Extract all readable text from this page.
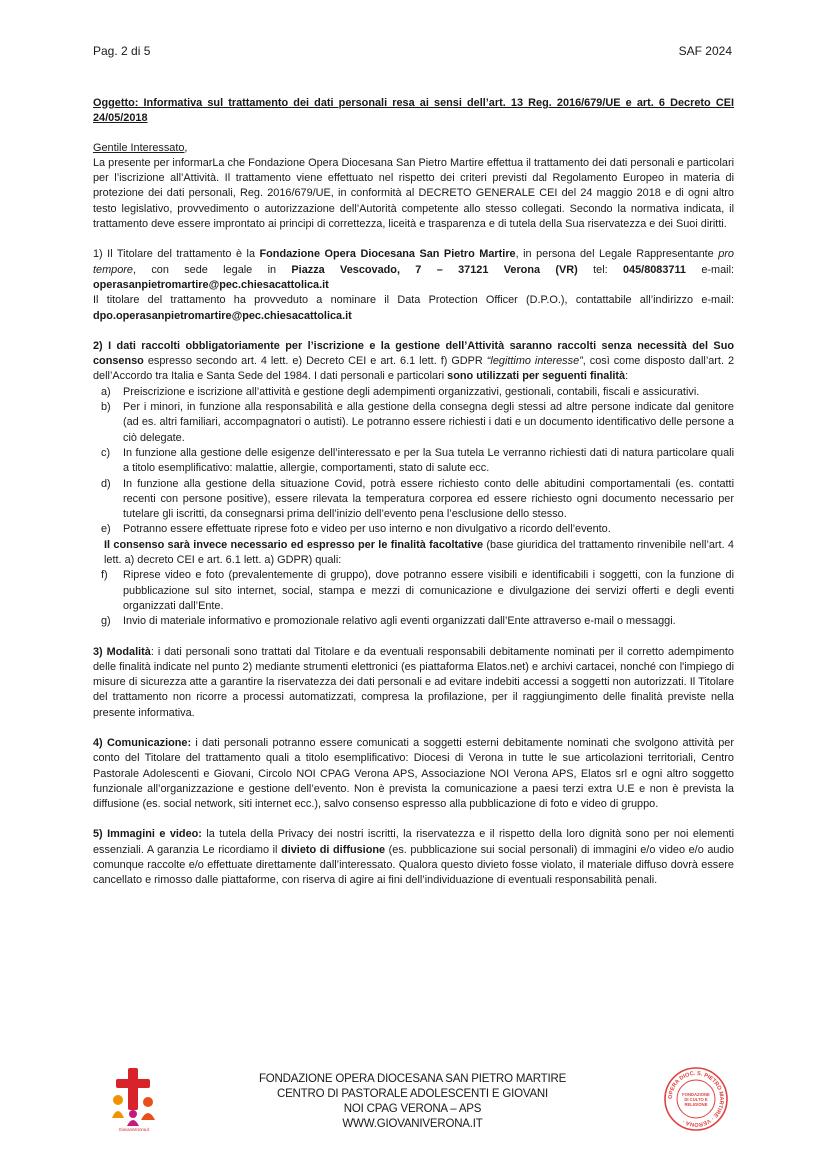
Pag. 2 di 5	SAF 2024

Oggetto: Informativa sul trattamento dei dati personali resa ai sensi dell’art. 13 Reg. 2016/679/UE e art. 6 Decreto CEI 24/05/2018

Gentile Interessato,

La presente per informarLa che Fondazione Opera Diocesana San Pietro Martire effettua il trattamento dei dati personali e particolari per l’iscrizione all’Attività. Il trattamento viene effettuato nel rispetto dei criteri previsti dal Regolamento Europeo in materia di protezione dei dati personali, Reg. 2016/679/UE, in conformità al DECRETO GENERALE CEI del 24 maggio 2018 e di ogni altro testo legislativo, provvedimento o autorizzazione dell’Autorità competente allo stesso collegati. Secondo la normativa indicata, il trattamento deve essere improntato ai principi di correttezza, liceità e trasparenza e di tutela della Sua riservatezza e dei Suoi diritti.

1) Il Titolare del trattamento è la Fondazione Opera Diocesana San Pietro Martire, in persona del Legale Rappresentante pro tempore, con sede legale in Piazza Vescovado, 7 – 37121 Verona (VR) tel: 045/8083711 e-mail: operasanpietromartire@pec.chiesacattolica.it

Il titolare del trattamento ha provveduto a nominare il Data Protection Officer (D.P.O.), contattabile all’indirizzo e-mail: dpo.operasanpietromartire@pec.chiesacattolica.it

2) I dati raccolti obbligatoriamente per l’iscrizione e la gestione dell’Attività saranno raccolti senza necessità del Suo consenso espresso secondo art. 4 lett. e) Decreto CEI e art. 6.1 lett. f) GDPR “legittimo interesse”, così come disposto dall’art. 2 dell’Accordo tra Italia e Santa Sede del 1984. I dati personali e particolari sono utilizzati per seguenti finalità:

a) Preiscrizione e iscrizione all’attività e gestione degli adempimenti organizzativi, gestionali, contabili, fiscali e assicurativi.
b) Per i minori, in funzione alla responsabilità e alla gestione della consegna degli stessi ad altre persone indicate dal genitore (ad es. altri familiari, accompagnatori o autisti). Le potranno essere richiesti i dati e un documento identificativo delle persone a ciò delegate.
c) In funzione alla gestione delle esigenze dell’interessato e per la Sua tutela Le verranno richiesti dati di natura particolare quali a titolo esemplificativo: malattie, allergie, comportamenti, stato di salute ecc.
d) In funzione alla gestione della situazione Covid, potrà essere richiesto conto delle abitudini comportamentali (es. contatti recenti con persone positive), essere rilevata la temperatura corporea ed essere richiesto ogni documento necessario per tutelare gli iscritti, da consegnarsi prima dell’inizio dell’evento pena l’esclusione dello stesso.
e) Potranno essere effettuate riprese foto e video per uso interno e non divulgativo a ricordo dell’evento.

Il consenso sarà invece necessario ed espresso per le finalità facoltative (base giuridica del trattamento rinvenibile nell’art. 4 lett. a) decreto CEI e art. 6.1 lett. a) GDPR) quali:

f) Riprese video e foto (prevalentemente di gruppo), dove potranno essere visibili e identificabili i soggetti, con la funzione di pubblicazione sul sito internet, social, stampa e mezzi di comunicazione e divulgazione dei servizi offerti e degli eventi organizzati dall’Ente.
g) Invio di materiale informativo e promozionale relativo agli eventi organizzati dall’Ente attraverso e-mail o messaggi.

3) Modalità: i dati personali sono trattati dal Titolare e da eventuali responsabili debitamente nominati per il corretto adempimento delle finalità indicate nel punto 2) mediante strumenti elettronici (es piattaforma Elatos.net) e archivi cartacei, nonché con l'impiego di misure di sicurezza atte a garantire la riservatezza dei dati personali e ad evitare indebiti accessi a soggetti non autorizzati. Il Titolare del trattamento non ricorre a processi automatizzati, compresa la profilazione, per il raggiungimento delle finalità previste nella presente informativa.

4) Comunicazione: i dati personali potranno essere comunicati a soggetti esterni debitamente nominati che svolgono attività per conto del Titolare del trattamento quali a titolo esemplificativo: Diocesi di Verona in tutte le sue articolazioni territoriali, Centro Pastorale Adolescenti e Giovani, Circolo NOI CPAG Verona APS, Associazione NOI Verona APS, Elatos srl e ogni altro soggetto funzionale all’organizzazione e gestione dell’evento. Non è prevista la comunicazione a paesi terzi extra U.E e non è prevista la diffusione (es. social network, siti internet ecc.), salvo consenso espresso alla pubblicazione di foto e video di gruppo.

5) Immagini e video: la tutela della Privacy dei nostri iscritti, la riservatezza e il rispetto della loro dignità sono per noi elementi essenziali. A garanzia Le ricordiamo il divieto di diffusione (es. pubblicazione sui social personali) di immagini e/o video e/o audio comunque raccolte e/o effettuate direttamente dall’interessato. Qualora questo divieto fosse violato, il materiale diffuso dovrà essere cancellato e rimosso dalle piattaforme, con riserva di agire ai fini dell’individuazione di eventuali responsabilità penali.

GiovaniVerona.it
FONDAZIONE OPERA DIOCESANA SAN PIETRO MARTIRE
CENTRO DI PASTORALE ADOLESCENTI E GIOVANI
NOI CPAG VERONA – APS
WWW.GIOVANIVERONA.IT
OPERA DIOC. S. PIETRO MARTIRE · VERONA ·
FONDAZIONE
DI CULTO E
RELIGIONE
